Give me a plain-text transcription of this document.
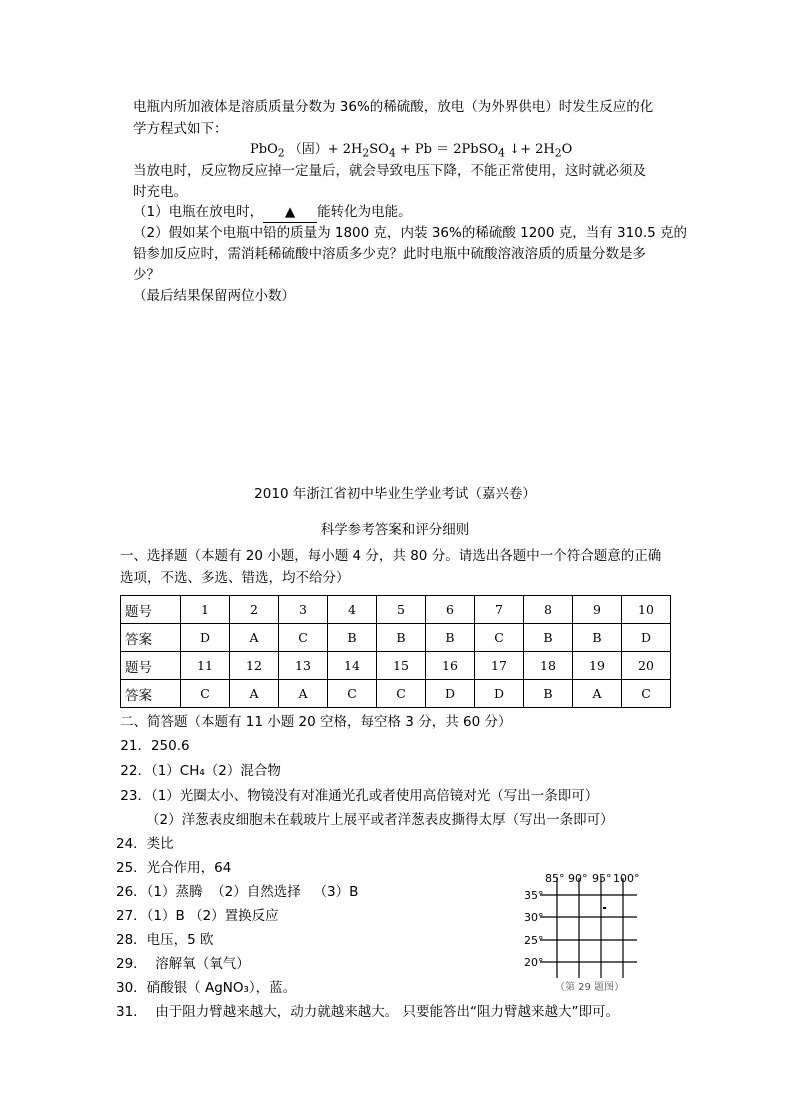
电瓶内所加液体是溶质质量分数为 36%的稀硫酸，放电（为外界供电）时发生反应的化
学方程式如下：
PbO$_2$ （固）+ $2H_2SO_4 + Pb$ ＝ 2PbSO$_4$ ↓+ $2H_2O$
当放电时，反应物反应掉一定量后，就会导致电压下降，不能正常使用，这时就必须及
时充电。
（1）电瓶在放电时， ▲ 能转化为电能。
（2）假如某个电瓶中铅的质量为 1800 克，内装 36%的稀硫酸 1200 克，当有 310.5 克的
铅参加反应时，需消耗稀硫酸中溶质多少克？此时电瓶中硫酸溶液溶质的质量分数是多
少？
（最后结果保留两位小数）
2010 年浙江省初中毕业生学业考试（嘉兴卷）
科学参考答案和评分细则
一、选择题（本题有 20 小题，每小题 4 分，共 80 分。请选出各题中一个符合题意的正确
选项，不选、多选、错选，均不给分）
题号	1	2	3	4	5	6	7	8	9	10
答案	D	A	C	B	B	B	C	B	B	D
题号	11	12	13	14	15	16	17	18	19	20
答案	C	A	A	C	C	D	D	B	A	C
二、简答题（本题有 11 小题 20 空格，每空格 3 分，共 60 分）
21．250.6
22．（1）CH₄（2）混合物
23．（1）光圈太小、物镜没有对准通光孔或者使用高倍镜对光（写出一条即可）
（2）洋葱表皮细胞未在载玻片上展平或者洋葱表皮撕得太厚（写出一条即可）
24．类比
25．光合作用，64
26．（1）蒸腾  （2）自然选择   （3）B
27．（1）B （2）置换反应
28．电压，5 欧
29．  溶解氧（氧气）
30．硝酸银（ AgNO₃），蓝。
31．  由于阻力臂越来越大，动力就越来越大。 只要能答出“阻力臂越来越大”即可。
85° 90° 95° 100°
35°
30°
25°
20°
（第 29 题图）
